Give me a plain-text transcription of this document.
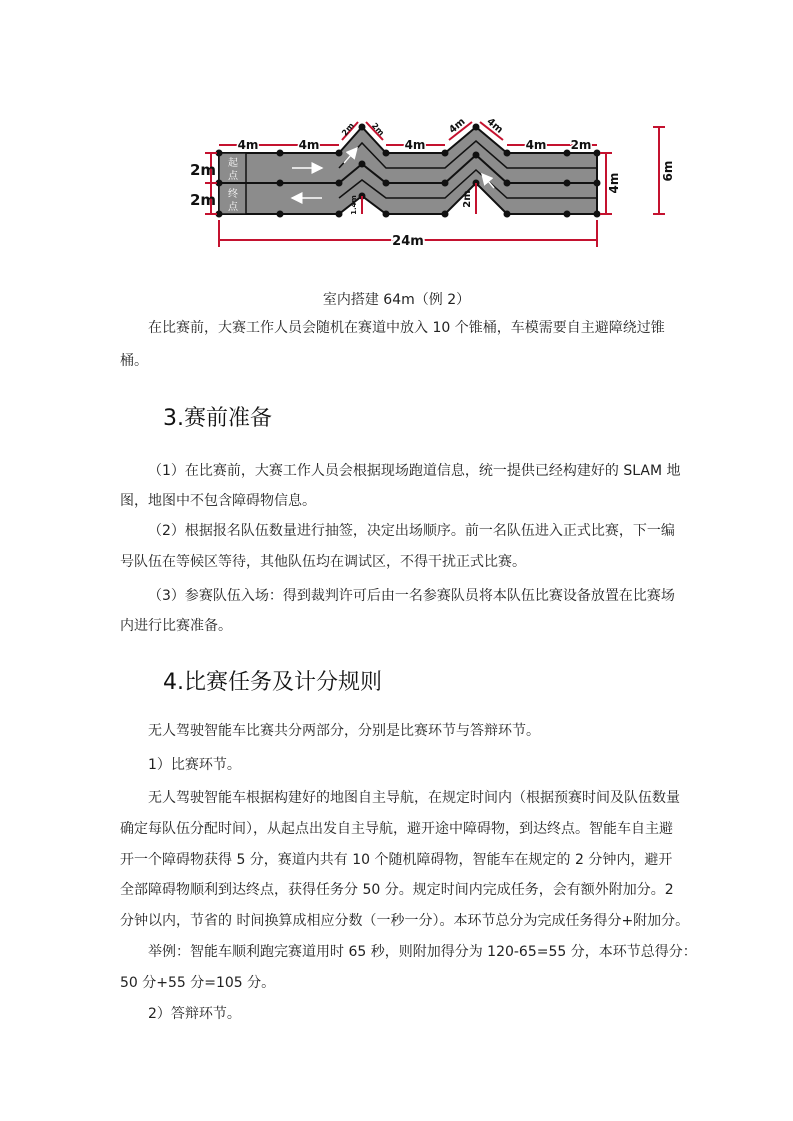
起
点
终
点
4m	4m
2m 2m
4m
4m 4m
4m 2m
2m
2m	1.4m	2m
4m
6m
24m
室内搭建 64m（例 2）
在比赛前，大赛工作人员会随机在赛道中放入 10 个锥桶，车模需要自主避障绕过锥
桶。
3.赛前准备
（1）在比赛前，大赛工作人员会根据现场跑道信息，统一提供已经构建好的 SLAM 地
图，地图中不包含障碍物信息。
（2）根据报名队伍数量进行抽签，决定出场顺序。前一名队伍进入正式比赛，下一编
号队伍在等候区等待，其他队伍均在调试区，不得干扰正式比赛。
（3）参赛队伍入场：得到裁判许可后由一名参赛队员将本队伍比赛设备放置在比赛场
内进行比赛准备。
4.比赛任务及计分规则
无人驾驶智能车比赛共分两部分，分别是比赛环节与答辩环节。
1）比赛环节。
无人驾驶智能车根据构建好的地图自主导航，在规定时间内（根据预赛时间及队伍数量
确定每队伍分配时间），从起点出发自主导航，避开途中障碍物，到达终点。智能车自主避
开一个障碍物获得 5 分，赛道内共有 10 个随机障碍物，智能车在规定的 2 分钟内，避开
全部障碍物顺利到达终点，获得任务分 50 分。规定时间内完成任务，会有额外附加分。2
分钟以内，节省的 时间换算成相应分数（一秒一分）。本环节总分为完成任务得分+附加分。
举例：智能车顺利跑完赛道用时 65 秒，则附加得分为 120-65=55 分，本环节总得分：
50 分+55 分=105 分。
2）答辩环节。
